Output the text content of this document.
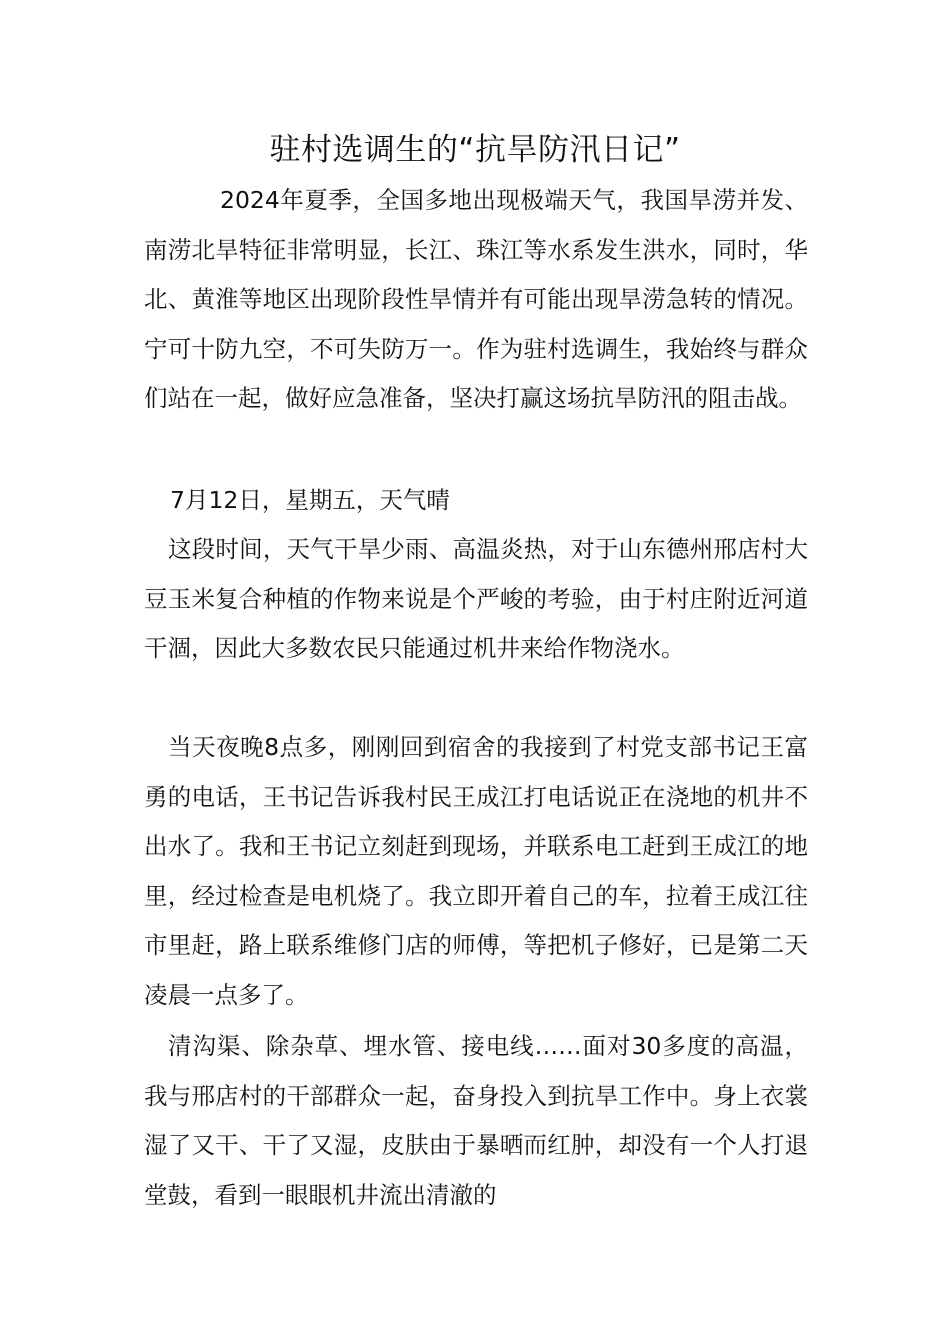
驻村选调生的“抗旱防汛日记”

2024年夏季，全国多地出现极端天气，我国旱涝并发、南涝北旱特征非常明显，长江、珠江等水系发生洪水，同时，华北、黄淮等地区出现阶段性旱情并有可能出现旱涝急转的情况。宁可十防九空，不可失防万一。作为驻村选调生，我始终与群众们站在一起，做好应急准备，坚决打赢这场抗旱防汛的阻击战。

7月12日，星期五，天气晴

这段时间，天气干旱少雨、高温炎热，对于山东德州邢店村大豆玉米复合种植的作物来说是个严峻的考验，由于村庄附近河道干涸，因此大多数农民只能通过机井来给作物浇水。

当天夜晚8点多，刚刚回到宿舍的我接到了村党支部书记王富勇的电话，王书记告诉我村民王成江打电话说正在浇地的机井不出水了。我和王书记立刻赶到现场，并联系电工赶到王成江的地里，经过检查是电机烧了。我立即开着自己的车，拉着王成江往市里赶，路上联系维修门店的师傅，等把机子修好，已是第二天凌晨一点多了。

清沟渠、除杂草、埋水管、接电线……面对30多度的高温，我与邢店村的干部群众一起，奋身投入到抗旱工作中。身上衣裳湿了又干、干了又湿，皮肤由于暴晒而红肿，却没有一个人打退堂鼓，看到一眼眼机井流出清澈的
